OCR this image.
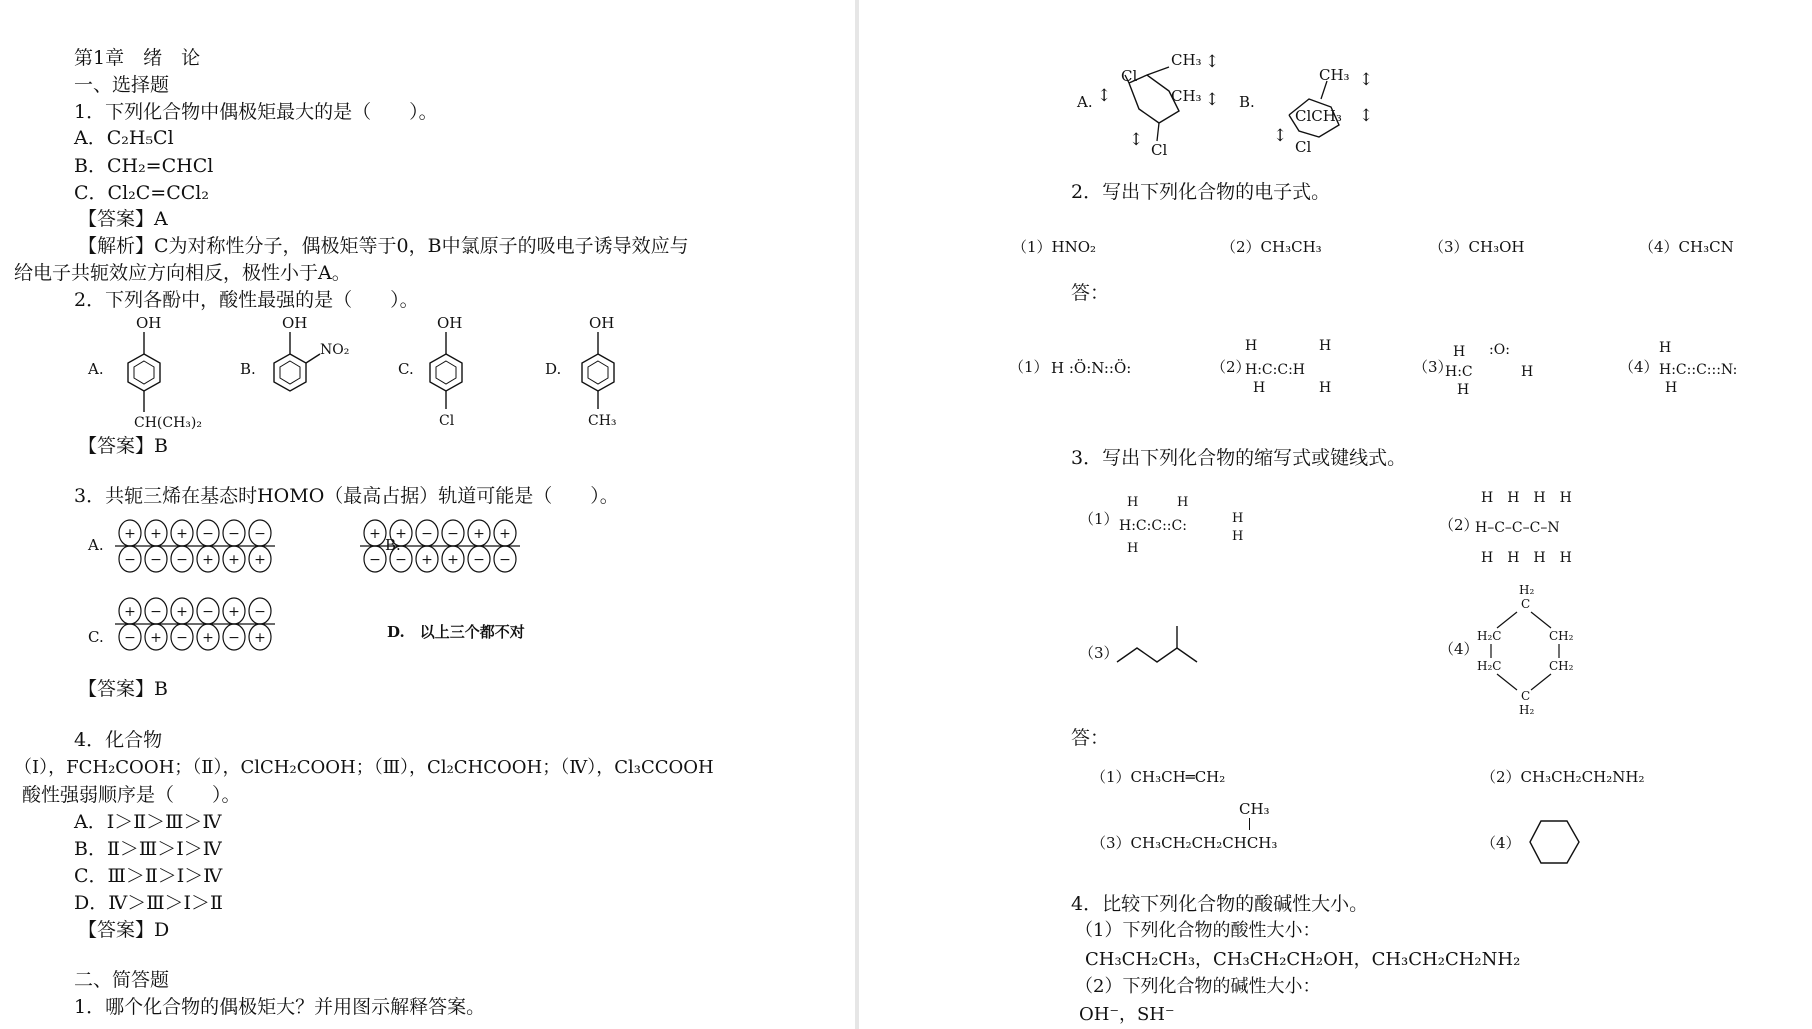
第1章　绪　论
一、选择题
1．下列化合物中偶极矩最大的是（　　）。
A．C₂H₅Cl
B．CH₂=CHCl
C．Cl₂C=CCl₂
【答案】A
【解析】C为对称性分子，偶极矩等于0，B中氯原子的吸电子诱导效应与
给电子共轭效应方向相反，极性小于A。
2．下列各酚中，酸性最强的是（　　）。
A.
OH
CH(CH₃)₂
B.
OH
NO₂
C.
OH
Cl
D.
OH
CH₃
【答案】B
3．共轭三烯在基态时HOMO（最高占据）轨道可能是（　　）。
A.	B.
C.	D.　以上三个都不对
+
−
+
−
+
−
−
+
−
+
−
+
+
−
+
−
−
+
−
+
+
−
+
−
+
−
−
+
+
−
−
+
+
−
−
+
【答案】B
4．化合物
（Ⅰ），FCH₂COOH；（Ⅱ），ClCH₂COOH；（Ⅲ），Cl₂CHCOOH；（Ⅳ），Cl₃CCOOH
酸性强弱顺序是（　　）。
A．Ⅰ＞Ⅱ＞Ⅲ＞Ⅳ
B．Ⅱ＞Ⅲ＞Ⅰ＞Ⅳ
C．Ⅲ＞Ⅱ＞Ⅰ＞Ⅳ
D．Ⅳ＞Ⅲ＞Ⅰ＞Ⅱ
【答案】D
二、简答题
1．哪个化合物的偶极矩大？并用图示解释答案。
A.
CH₃
CH₃
Cl
Cl
↕
↕
↕
↕
B.
CH₃
ClCH₃
Cl
↕
↕
↕
2．写出下列化合物的电子式。
（1）HNO₂	（2）CH₃CH₃	（3）CH₃OH	（4）CH₃CN
答：
（1） H :Ö:N::Ö:	（2）
H
H:C:C:H
H
H
H
（3）
H
H:C
H
:O:
H	（4）
H
H:C::C:::N:
H
3．写出下列化合物的缩写式或键线式。
（1）
H	H
H:C:C::C:
H
H
H
（2）
H　H　H　H
H–C–C–C–N
H　H　H　H
（3）	（4）
H₂
C
H₂C	CH₂
H₂C	CH₂
C
H₂
答：
（1）CH₃CH═CH₂	（2）CH₃CH₂CH₂NH₂
CH₃
（3）CH₃CH₂CH₂CHCH₃	（4）
4．比较下列化合物的酸碱性大小。
（1）下列化合物的酸性大小：
CH₃CH₂CH₃，CH₃CH₂CH₂OH，CH₃CH₂CH₂NH₂
（2）下列化合物的碱性大小：
OH⁻，SH⁻
